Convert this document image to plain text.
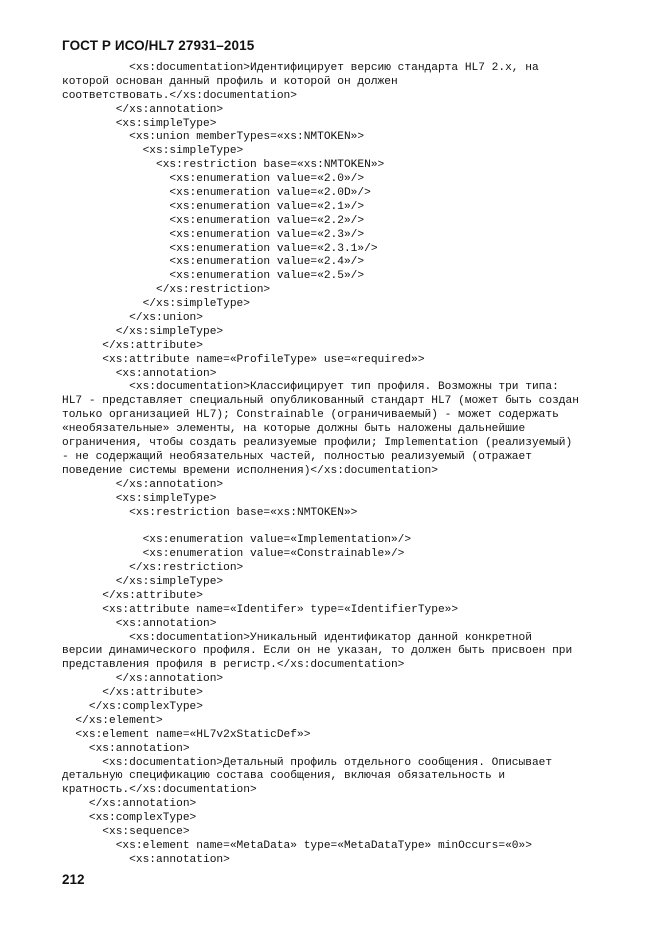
ГОСТ Р ИСО/HL7 27931–2015
<xs:documentation>Идентифицирует версию стандарта HL7 2.x, на
которой основан данный профиль и которой он должен
соответствовать.</xs:documentation>
</xs:annotation>
<xs:simpleType>
<xs:union memberTypes=«xs:NMTOKEN»>
<xs:simpleType>
<xs:restriction base=«xs:NMTOKEN»>
<xs:enumeration value=«2.0»/>
<xs:enumeration value=«2.0D»/>
<xs:enumeration value=«2.1»/>
<xs:enumeration value=«2.2»/>
<xs:enumeration value=«2.3»/>
<xs:enumeration value=«2.3.1»/>
<xs:enumeration value=«2.4»/>
<xs:enumeration value=«2.5»/>
</xs:restriction>
</xs:simpleType>
</xs:union>
</xs:simpleType>
</xs:attribute>
<xs:attribute name=«ProfileType» use=«required»>
<xs:annotation>
<xs:documentation>Классифицирует тип профиля. Возможны три типа:
HL7 - представляет специальный опубликованный стандарт HL7 (может быть создан
только организацией HL7); Constrainable (ограничиваемый) - может содержать
«необязательные» элементы, на которые должны быть наложены дальнейшие
ограничения, чтобы создать реализуемые профили; Implementation (реализуемый)
- не содержащий необязательных частей, полностью реализуемый (отражает
поведение системы времени исполнения)</xs:documentation>
</xs:annotation>
<xs:simpleType>
<xs:restriction base=«xs:NMTOKEN»>
<xs:enumeration value=«Implementation»/>
<xs:enumeration value=«Constrainable»/>
</xs:restriction>
</xs:simpleType>
</xs:attribute>
<xs:attribute name=«Identifer» type=«IdentifierType»>
<xs:annotation>
<xs:documentation>Уникальный идентификатор данной конкретной
версии динамического профиля. Если он не указан, то должен быть присвоен при
представления профиля в регистр.</xs:documentation>
</xs:annotation>
</xs:attribute>
</xs:complexType>
</xs:element>
<xs:element name=«HL7v2xStaticDef»>
<xs:annotation>
<xs:documentation>Детальный профиль отдельного сообщения. Описывает
детальную спецификацию состава сообщения, включая обязательность и
кратность.</xs:documentation>
</xs:annotation>
<xs:complexType>
<xs:sequence>
<xs:element name=«MetaData» type=«MetaDataType» minOccurs=«0»>
<xs:annotation>
212
